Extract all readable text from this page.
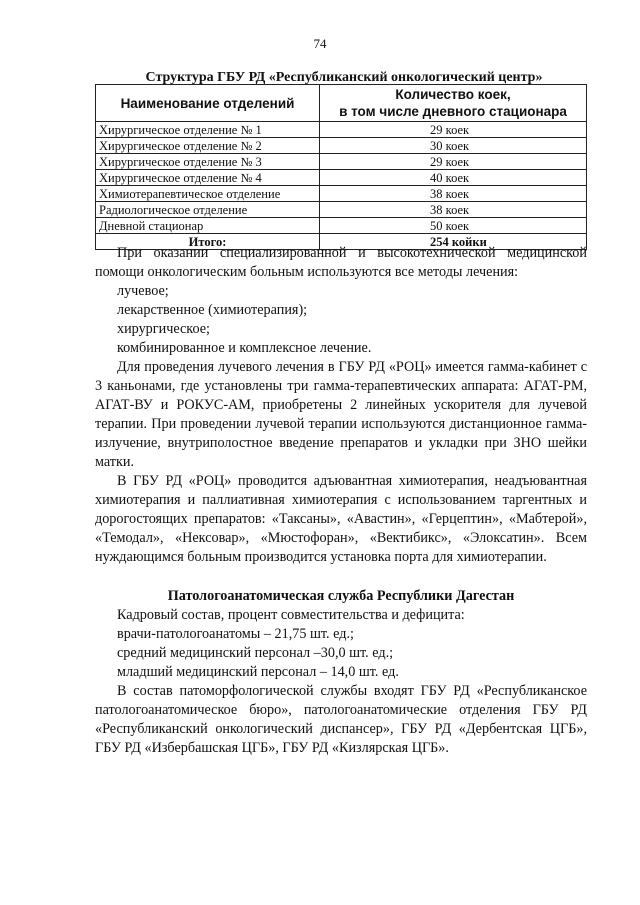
74
Структура ГБУ РД «Республиканский онкологический центр»
Наименование отделений	Количество коек,
в том числе дневного стационара
Хирургическое отделение № 1	29 коек
Хирургическое отделение № 2	30 коек
Хирургическое отделение № 3	29 коек
Хирургическое отделение № 4	40 коек
Химиотерапевтическое отделение	38 коек
Радиологическое отделение	38 коек
Дневной стационар	50 коек
Итого:	254 койки

При оказании специализированной и высокотехнической медицинской помощи онкологическим больным используются все методы лечения:

лучевое;

лекарственное (химиотерапия);

хирургическое;

комбинированное и комплексное лечение.

Для проведения лучевого лечения в ГБУ РД «РОЦ» имеется гамма-кабинет с 3 каньонами, где установлены три гамма-терапевтических аппарата: АГАТ-РМ, АГАТ-ВУ и РОКУС-АМ, приобретены 2 линейных ускорителя для лучевой терапии. При проведении лучевой терапии используются дистанционное гамма-излучение, внутриполостное введение препаратов и укладки при ЗНО шейки матки.

В ГБУ РД «РОЦ» проводится адъювантная химиотерапия, неадъювантная химиотерапия и паллиативная химиотерапия с использованием таргентных и дорогостоящих препаратов: «Таксаны», «Авастин», «Герцептин», «Мабтерой», «Темодал», «Нексовар», «Мюстофоран», «Вектибикс», «Элоксатин». Всем нуждающимся больным производится установка порта для химиотерапии.

Патологоанатомическая служба Республики Дагестан

Кадровый состав, процент совместительства и дефицита:

врачи-патологоанатомы – 21,75 шт. ед.;

средний медицинский персонал –30,0 шт. ед.;

младший медицинский персонал – 14,0 шт. ед.

В состав патоморфологической службы входят ГБУ РД «Республиканское патологоанатомическое бюро», патологоанатомические отделения ГБУ РД «Республиканский онкологический диспансер», ГБУ РД «Дербентская ЦГБ», ГБУ РД «Избербашская ЦГБ», ГБУ РД «Кизлярская ЦГБ».
